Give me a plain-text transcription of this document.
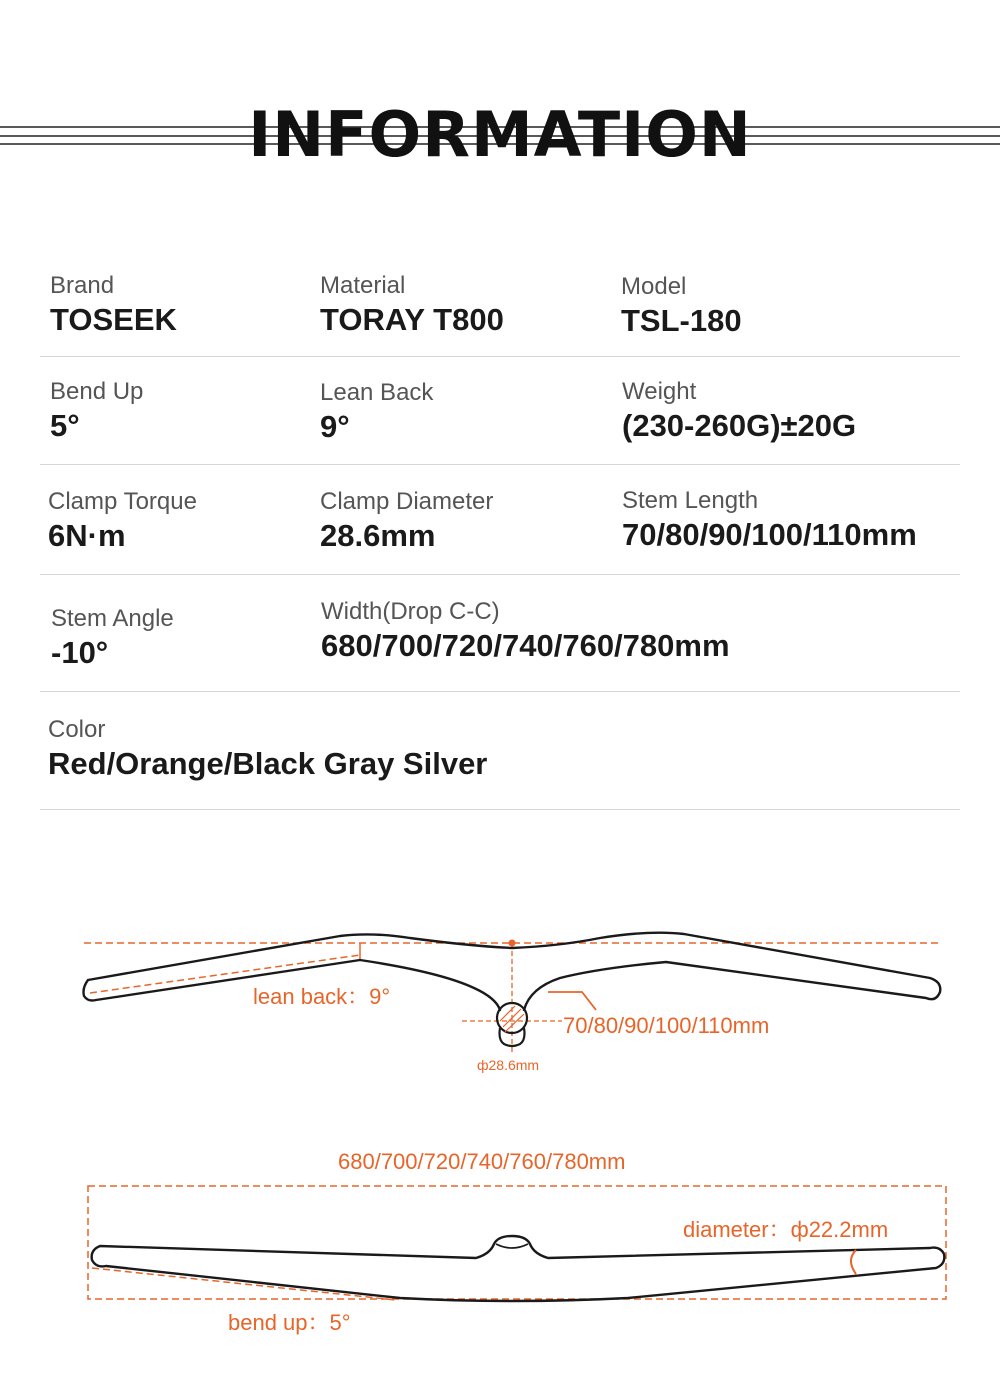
INFORMATION
Brand
TOSEEK
Material
TORAY T800
Model
TSL-180
Bend Up
5°
Lean Back
9°
Weight
(230-260G)±20G
Clamp Torque
6N·m
Clamp Diameter
28.6mm
Stem Length
70/80/90/100/110mm
Stem Angle
-10°
Width(Drop C-C)
680/700/720/740/760/780mm
Color
Red/Orange/Black Gray Silver
lean back：9°
70/80/90/100/110mm
ф28.6mm
680/700/720/740/760/780mm
diameter：ф22.2mm
bend up：5°
